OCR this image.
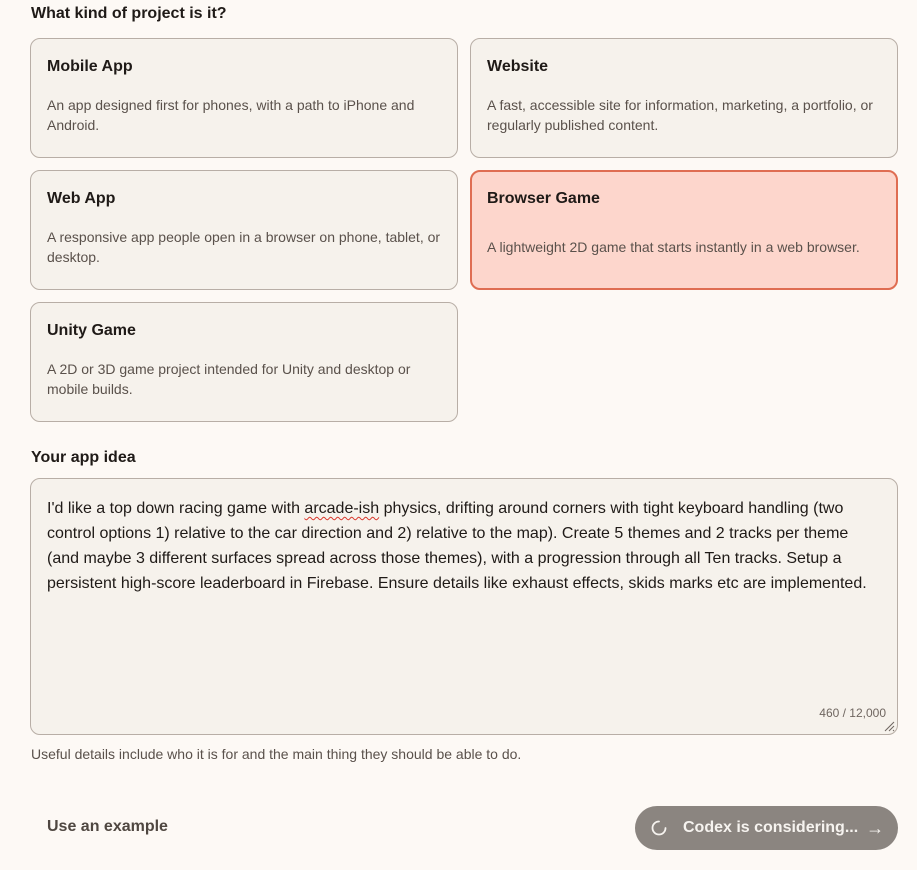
What kind of project is it?
Mobile App
An app designed first for phones, with a path to iPhone and Android.
Website
A fast, accessible site for information, marketing, a portfolio, or regularly published content.
Web App
A responsive app people open in a browser on phone, tablet, or desktop.
Browser Game
A lightweight 2D game that starts instantly in a web browser.
Unity Game
A 2D or 3D game project intended for Unity and desktop or mobile builds.
Your app idea
I'd like a top down racing game with arcade-ish physics, drifting around corners with tight keyboard handling (two control options 1) relative to the car direction and 2) relative to the map). Create 5 themes and 2 tracks per theme (and maybe 3 different surfaces spread across those themes), with a progression through all Ten tracks. Setup a persistent high-score leaderboard in Firebase. Ensure details like exhaust effects, skids marks etc are implemented.
460 / 12,000
Useful details include who it is for and the main thing they should be able to do.
Use an example	Codex is considering... →
